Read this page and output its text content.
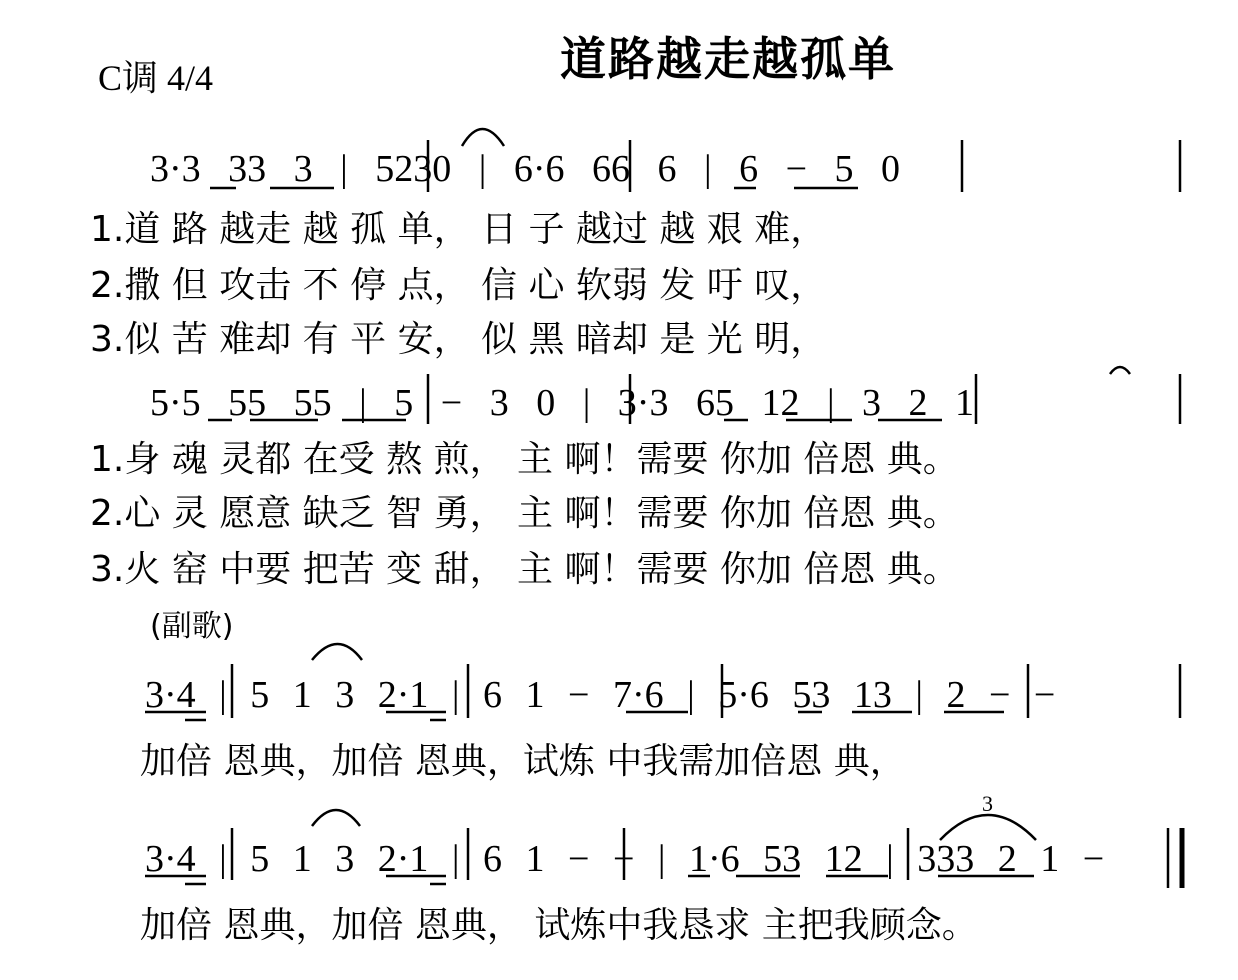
C调 4/4	道路越走越孤单
3·3 33 3 | 5230 | 6·6 66 6 | 6 − 5 0
1.道 路 越走 越 孤 单， 日 子 越过 越 艰 难，
2.撒 但 攻击 不 停 点， 信 心 软弱 发 吁 叹，
3.似 苦 难却 有 平 安， 似 黑 暗却 是 光 明，
5·5 55 55 | 5 − 3 0 | 3·3 65 12 | 3 2 1
1.身 魂 灵都 在受 熬 煎， 主 啊！需要 你加 倍恩 典。
2.心 灵 愿意 缺乏 智 勇， 主 啊！需要 你加 倍恩 典。
3.火 窑 中要 把苦 变 甜， 主 啊！需要 你加 倍恩 典。
(副歌)
3·4 | 5 1 3 2·1 | 6 1 − 7·6 | 5·6 53 13 | 2 − −
加倍 恩典，加倍 恩典，试炼 中我需加倍恩 典，
3·4 | 5 1 3 2·1 | 6 1 − − | 1·6 53 12 | 333 2 1 −
3
加倍 恩典，加倍 恩典， 试炼中我恳求 主把我顾念。
